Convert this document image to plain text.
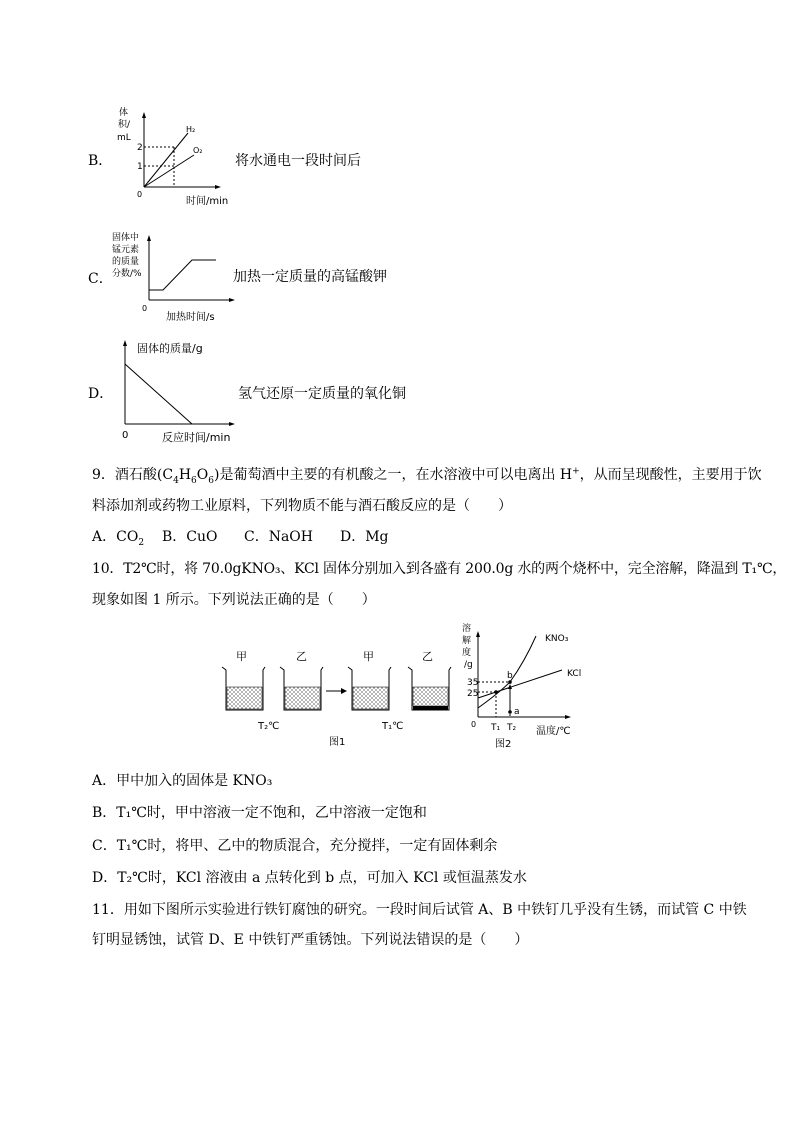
B．
体
积/
mL
2
1
0
H₂
O₂
时间/min
将水通电一段时间后
C．
固体中
锰元素
的质量
分数/%
0
加热时间/s
加热一定质量的高锰酸钾
D．
固体的质量/g
0	反应时间/min
氢气还原一定质量的氧化铜
9．酒石酸$(C_4H_6O_6)$是葡萄酒中主要的有机酸之一，在水溶液中可以电离出 H+，从而呈现酸性，主要用于饮
料添加剂或药物工业原料，下列物质不能与酒石酸反应的是（　　）
A．$CO_2$ B．CuO C．NaOH D．Mg
10．T2℃时，将 70.0gKNO₃、KCl 固体分别加入到各盛有 200.0g 水的两个烧杯中，完全溶解，降温到 T₁℃，
现象如图 1 所示。下列说法正确的是（　　）
甲	乙	甲	乙
T₂℃	T₁℃
图1
溶
解
度
/g
KNO₃
KCl
35
25
b
a
0 T₁ T₂ 温度/℃
图2
A．甲中加入的固体是 KNO₃
B．T₁℃时，甲中溶液一定不饱和，乙中溶液一定饱和
C．T₁℃时，将甲、乙中的物质混合，充分搅拌，一定有固体剩余
D．T₂℃时，KCl 溶液由 a 点转化到 b 点，可加入 KCl 或恒温蒸发水
11．用如下图所示实验进行铁钉腐蚀的研究。一段时间后试管 A、B 中铁钉几乎没有生锈，而试管 C 中铁
钉明显锈蚀，试管 D、E 中铁钉严重锈蚀。下列说法错误的是（　　）
